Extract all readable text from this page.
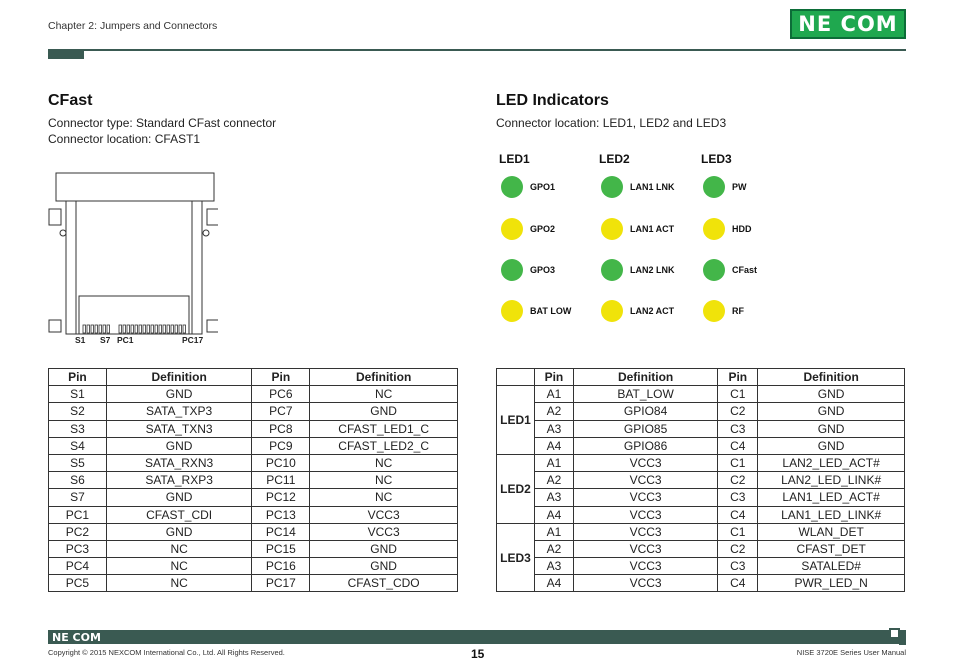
Chapter 2: Jumpers and Connectors	NE COM
CFast
Connector type: Standard CFast connector
Connector location: CFAST1
S1 S7 PC1	PC17
Pin	Definition	Pin	Definition
S1	GND	PC6	NC
S2	SATA_TXP3	PC7	GND
S3	SATA_TXN3	PC8	CFAST_LED1_C
S4	GND	PC9	CFAST_LED2_C
S5	SATA_RXN3	PC10	NC
S6	SATA_RXP3	PC11	NC
S7	GND	PC12	NC
PC1	CFAST_CDI	PC13	VCC3
PC2	GND	PC14	VCC3
PC3	NC	PC15	GND
PC4	NC	PC16	GND
PC5	NC	PC17	CFAST_CDO
LED Indicators
Connector location: LED1, LED2 and LED3
LED1
GPO1
GPO2
GPO3
BAT LOW
LED2
LAN1 LNK
LAN1 ACT
LAN2 LNK
LAN2 ACT
LED3
PW
HDD
CFast
RF
	Pin	Definition	Pin	Definition
LED1	A1	BAT_LOW	C1	GND
	A2	GPIO84	C2	GND
	A3	GPIO85	C3	GND
	A4	GPIO86	C4	GND
LED2	A1	VCC3	C1	LAN2_LED_ACT#
	A2	VCC3	C2	LAN2_LED_LINK#
	A3	VCC3	C3	LAN1_LED_ACT#
	A4	VCC3	C4	LAN1_LED_LINK#
LED3	A1	VCC3	C1	WLAN_DET
	A2	VCC3	C2	CFAST_DET
	A3	VCC3	C3	SATALED#
	A4	VCC3	C4	PWR_LED_N
NE COM
Copyright © 2015 NEXCOM International Co., Ltd. All Rights Reserved.	15	NISE 3720E Series User Manual
